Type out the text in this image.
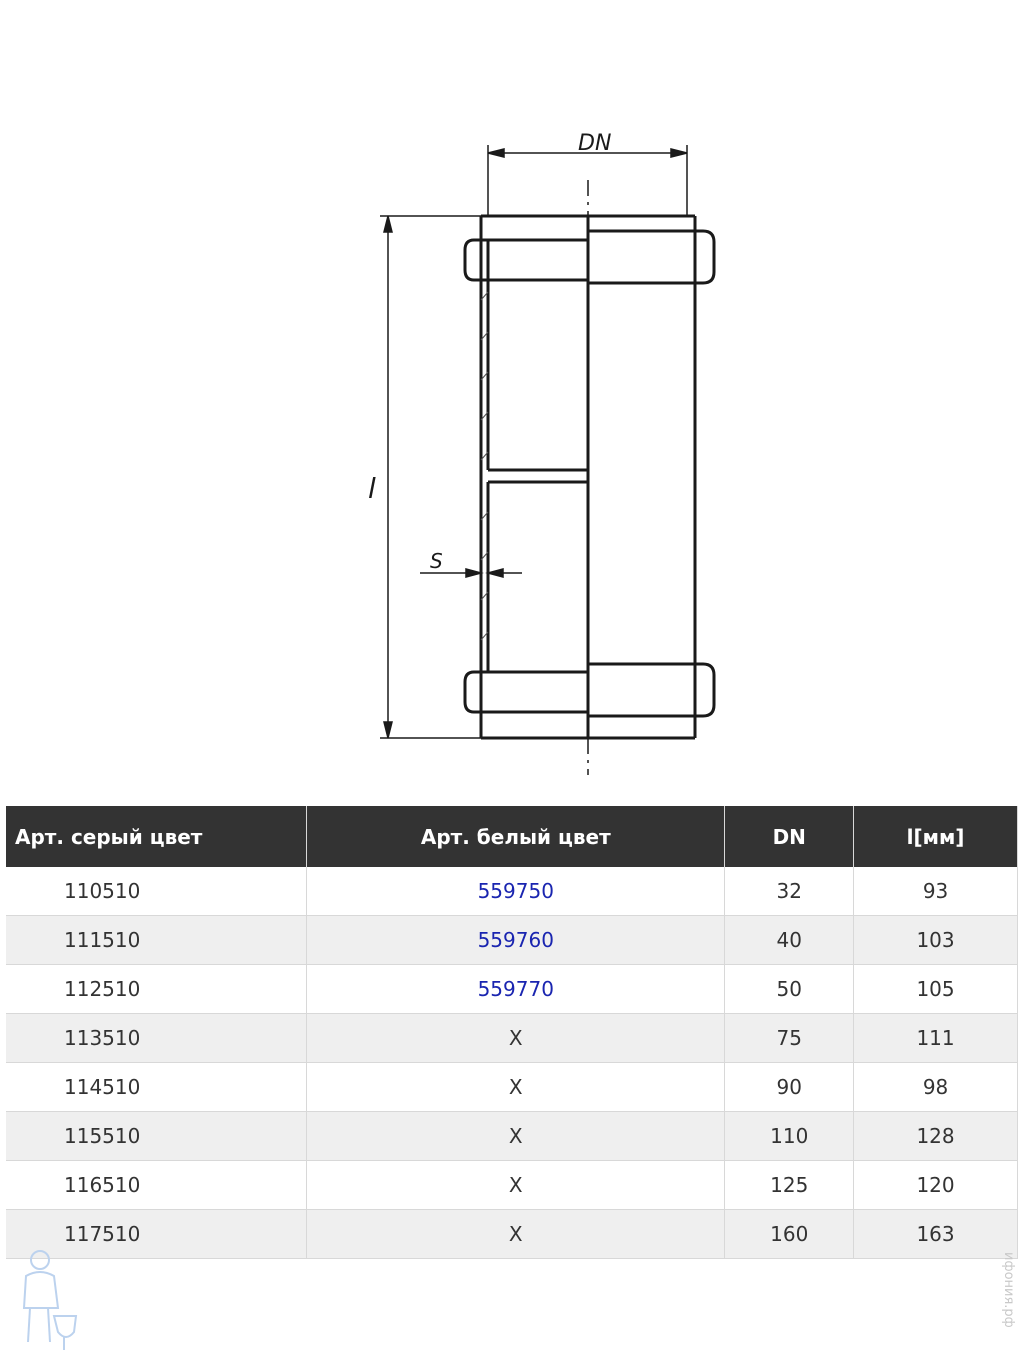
DN
l
S
Арт. серый цвет	Арт. белый цвет	DN	l[мм]
110510	559750	32	93
111510	559760	40	103
112510	559770	50	105
113510	X	75	111
114510	X	90	98
115510	X	110	128
116510	X	125	120
117510	X	160	163
ифония.рф
